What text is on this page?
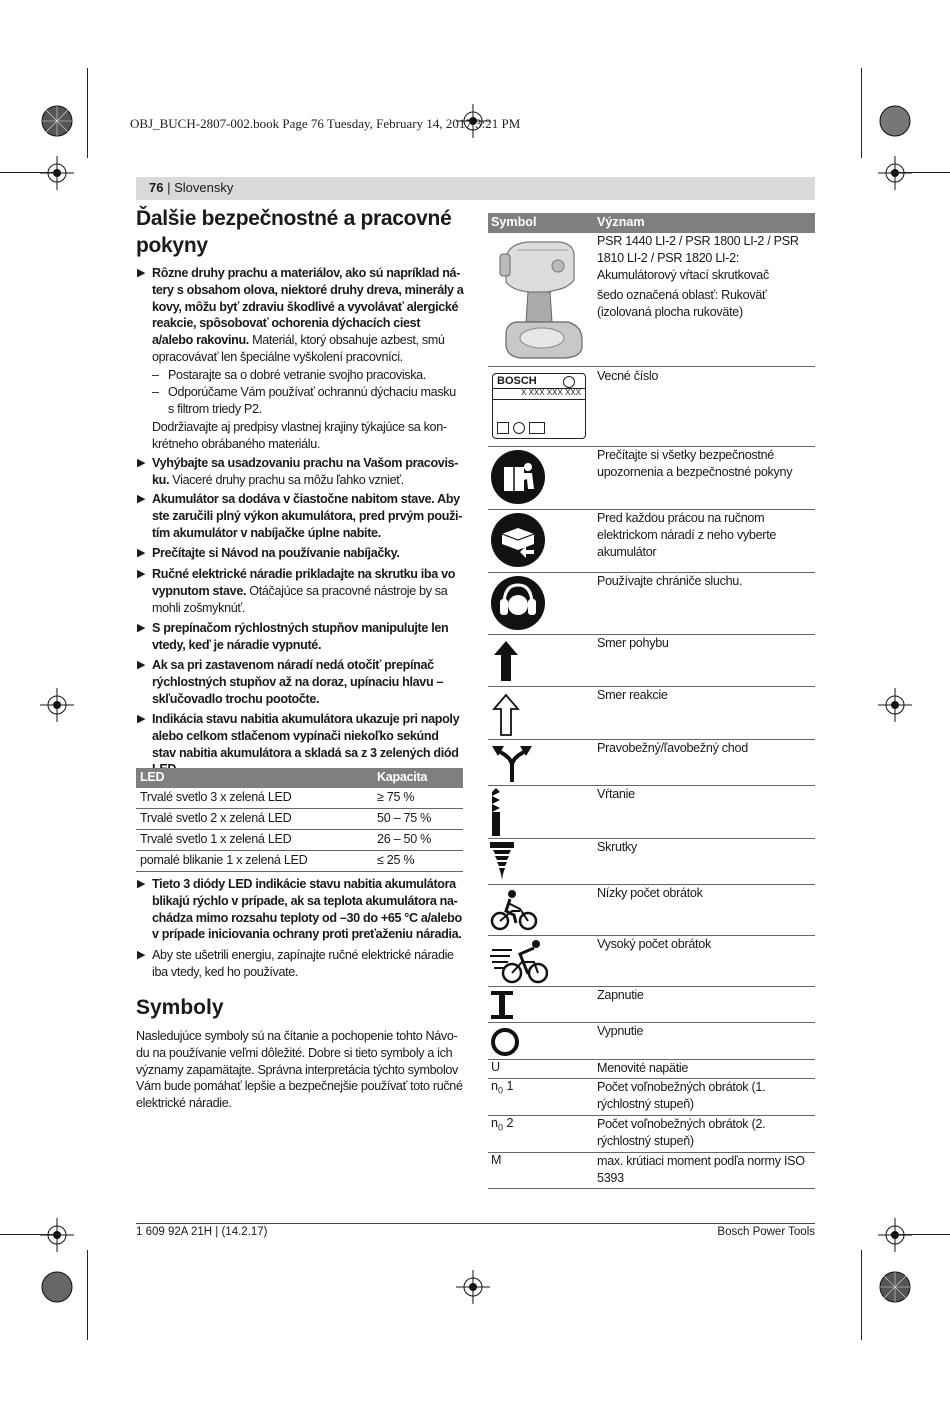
OBJ_BUCH-2807-002.book Page 76 Tuesday, February 14, 2017 3:21 PM
76 | Slovensky
Ďalšie bezpečnostné a pracovné pokyny
▶ Rôzne druhy prachu a materiálov, ako sú napríklad nátery s obsahom olova, niektoré druhy dreva, minerály a kovy, môžu byť zdraviu škodlivé a vyvolávať alergické reakcie, spôsobovať ochorenia dýchacích ciest a/alebo rakovinu. Materiál, ktorý obsahuje azbest, smú opracovávať len špeciálne vyškolení pracovníci.
– Postarajte sa o dobré vetranie svojho pracoviska.
– Odporúčame Vám používať ochrannú dýchaciu masku s filtrom triedy P2.
Dodržiavajte aj predpisy vlastnej krajiny týkajúce sa konkrétneho obrábaného materiálu.
▶ Vyhýbajte sa usadzovaniu prachu na Vašom pracovisku. Viaceré druhy prachu sa môžu ľahko vznieť.
▶ Akumulátor sa dodáva v čiastočne nabitom stave. Aby ste zaručili plný výkon akumulátora, pred prvým použitím akumulátor v nabíjačke úplne nabite.
▶ Prečítajte si Návod na používanie nabíjačky.
▶ Ručné elektrické náradie prikladajte na skrutku iba vo vypnutom stave. Otáčajúce sa pracovné nástroje by sa mohli zošmyknúť.
▶ S prepínačom rýchlostných stupňov manipulujte len vtedy, keď je náradie vypnuté.
▶ Ak sa pri zastavenom náradí nedá otočiť prepínač rýchlostných stupňov až na doraz, upínaciu hlavu – skľučovadlo trochu pootočte.
▶ Indikácia stavu nabitia akumulátora ukazuje pri napoly alebo celkom stlačenom vypínači niekoľko sekúnd stav nabitia akumulátora a skladá sa z 3 zelených diód
LED	Kapacita
Trvalé svetlo 3 x zelená LED	≥ 75 %
Trvalé svetlo 2 x zelená LED	50 – 75 %
Trvalé svetlo 1 x zelená LED	26 – 50 %
pomalé blikanie 1 x zelená LED	≤ 25 %
▶ Tieto 3 diódy LED indikácie stavu nabitia akumulátora blikajú rýchlo v prípade, ak sa teplota akumulátora nachádza mimo rozsahu teploty od –30 do +65 °C a/alebo v prípade iniciovania ochrany proti preťaženiu náradia.
▶ Aby ste ušetrili energiu, zapínajte ručné elektrické náradie iba vtedy, ked ho používate.
Symboly
Nasledujúce symboly sú na čítanie a pochopenie tohto Návodu na používanie veľmi dôležité. Dobre si tieto symboly a ich významy zapamätajte. Správna interpretácia týchto symbolov Vám bude pomáhať lepšie a bezpečnejšie používať toto ručné elektrické náradie.
Symbol	Význam
PSR 1440 LI-2 / PSR 1800 LI-2 / PSR 1810 LI-2 / PSR 1820 LI-2: Akumulátorový vŕtací skrutkovač
šedo označená oblasť: Rukoväť (izolovaná plocha rukoväte)
BOSCH
X XXX XXX XXX
Vecné číslo
Prečítajte si všetky bezpečnostné upozornenia a bezpečnostné pokyny
Pred každou prácou na ručnom elektrickom náradí z neho vyberte akumulátor
Používajte chrániče sluchu.
Smer pohybu
Smer reakcie
Pravobežný/ľavobežný chod
Vŕtanie
Skrutky
Nízky počet obrátok
Vysoký počet obrátok
Zapnutie
Vypnutie
U	Menovité napätie
$n_0$ 1	Počet voľnobežných obrátok (1. rýchlostný stupeň)
$n_0$ 2	Počet voľnobežných obrátok (2. rýchlostný stupeň)
M	max. krútiaci moment podľa normy ISO 5393
1 609 92A 21H | (14.2.17)	Bosch Power Tools
